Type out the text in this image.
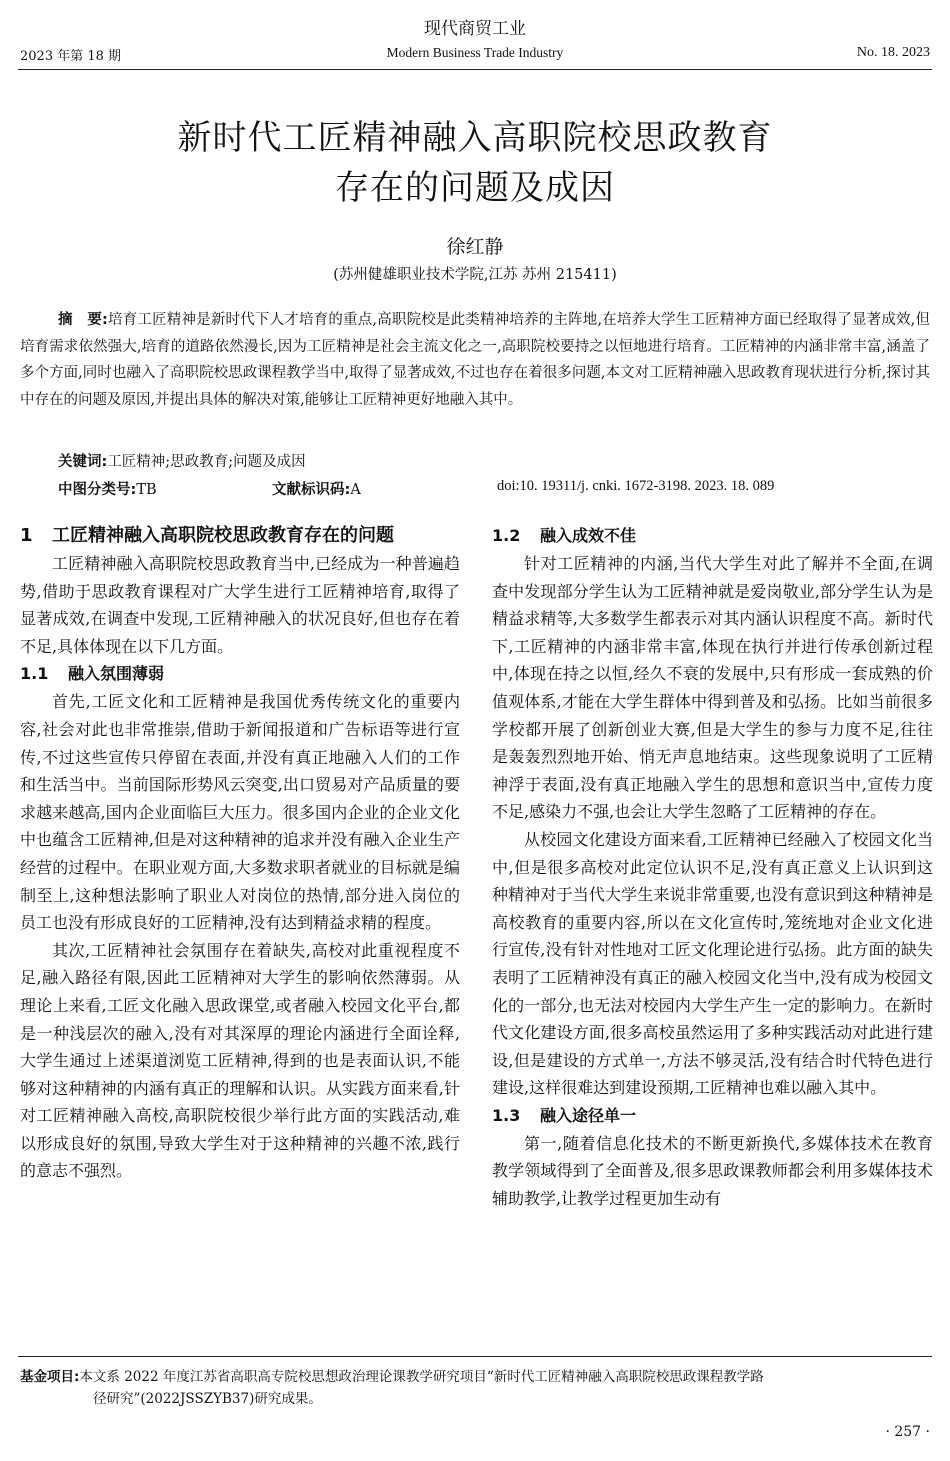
现代商贸工业
2023 年第 18 期	Modern Business Trade Industry	No. 18. 2023
新时代工匠精神融入高职院校思政教育
存在的问题及成因
徐红静
(苏州健雄职业技术学院,江苏 苏州 215411)
摘　要:培育工匠精神是新时代下人才培育的重点,高职院校是此类精神培养的主阵地,在培养大学生工匠精神方面已经取得了显著成效,但培育需求依然强大,培育的道路依然漫长,因为工匠精神是社会主流文化之一,高职院校要持之以恒地进行培育。工匠精神的内涵非常丰富,涵盖了多个方面,同时也融入了高职院校思政课程教学当中,取得了显著成效,不过也存在着很多问题,本文对工匠精神融入思政教育现状进行分析,探讨其中存在的问题及原因,并提出具体的解决对策,能够让工匠精神更好地融入其中。
关键词:工匠精神;思政教育;问题及成因
中图分类号:TB	文献标识码:A	doi:10. 19311/j. cnki. 1672-3198. 2023. 18. 089
1 工匠精神融入高职院校思政教育存在的问题

工匠精神融入高职院校思政教育当中,已经成为一种普遍趋势,借助于思政教育课程对广大学生进行工匠精神培育,取得了显著成效,在调查中发现,工匠精神融入的状况良好,但也存在着不足,具体体现在以下几方面。

1.1 融入氛围薄弱

首先,工匠文化和工匠精神是我国优秀传统文化的重要内容,社会对此也非常推崇,借助于新闻报道和广告标语等进行宣传,不过这些宣传只停留在表面,并没有真正地融入人们的工作和生活当中。当前国际形势风云突变,出口贸易对产品质量的要求越来越高,国内企业面临巨大压力。很多国内企业的企业文化中也蕴含工匠精神,但是对这种精神的追求并没有融入企业生产经营的过程中。在职业观方面,大多数求职者就业的目标就是编制至上,这种想法影响了职业人对岗位的热情,部分进入岗位的员工也没有形成良好的工匠精神,没有达到精益求精的程度。

其次,工匠精神社会氛围存在着缺失,高校对此重视程度不足,融入路径有限,因此工匠精神对大学生的影响依然薄弱。从理论上来看,工匠文化融入思政课堂,或者融入校园文化平台,都是一种浅层次的融入,没有对其深厚的理论内涵进行全面诠释,大学生通过上述渠道浏览工匠精神,得到的也是表面认识,不能够对这种精神的内涵有真正的理解和认识。从实践方面来看,针对工匠精神融入高校,高职院校很少举行此方面的实践活动,难以形成良好的氛围,导致大学生对于这种精神的兴趣不浓,践行的意志不强烈。

1.2 融入成效不佳

针对工匠精神的内涵,当代大学生对此了解并不全面,在调查中发现部分学生认为工匠精神就是爱岗敬业,部分学生认为是精益求精等,大多数学生都表示对其内涵认识程度不高。新时代下,工匠精神的内涵非常丰富,体现在执行并进行传承创新过程中,体现在持之以恒,经久不衰的发展中,只有形成一套成熟的价值观体系,才能在大学生群体中得到普及和弘扬。比如当前很多学校都开展了创新创业大赛,但是大学生的参与力度不足,往往是轰轰烈烈地开始、悄无声息地结束。这些现象说明了工匠精神浮于表面,没有真正地融入学生的思想和意识当中,宣传力度不足,感染力不强,也会让大学生忽略了工匠精神的存在。

从校园文化建设方面来看,工匠精神已经融入了校园文化当中,但是很多高校对此定位认识不足,没有真正意义上认识到这种精神对于当代大学生来说非常重要,也没有意识到这种精神是高校教育的重要内容,所以在文化宣传时,笼统地对企业文化进行宣传,没有针对性地对工匠文化理论进行弘扬。此方面的缺失表明了工匠精神没有真正的融入校园文化当中,没有成为校园文化的一部分,也无法对校园内大学生产生一定的影响力。在新时代文化建设方面,很多高校虽然运用了多种实践活动对此进行建设,但是建设的方式单一,方法不够灵活,没有结合时代特色进行建设,这样很难达到建设预期,工匠精神也难以融入其中。

1.3 融入途径单一

第一,随着信息化技术的不断更新换代,多媒体技术在教育教学领域得到了全面普及,很多思政课教师都会利用多媒体技术辅助教学,让教学过程更加生动有

基金项目:本文系 2022 年度江苏省高职高专院校思想政治理论课教学研究项目“新时代工匠精神融入高职院校思政课程教学路
径研究”(2022JSSZYB37)研究成果。
· 257 ·
